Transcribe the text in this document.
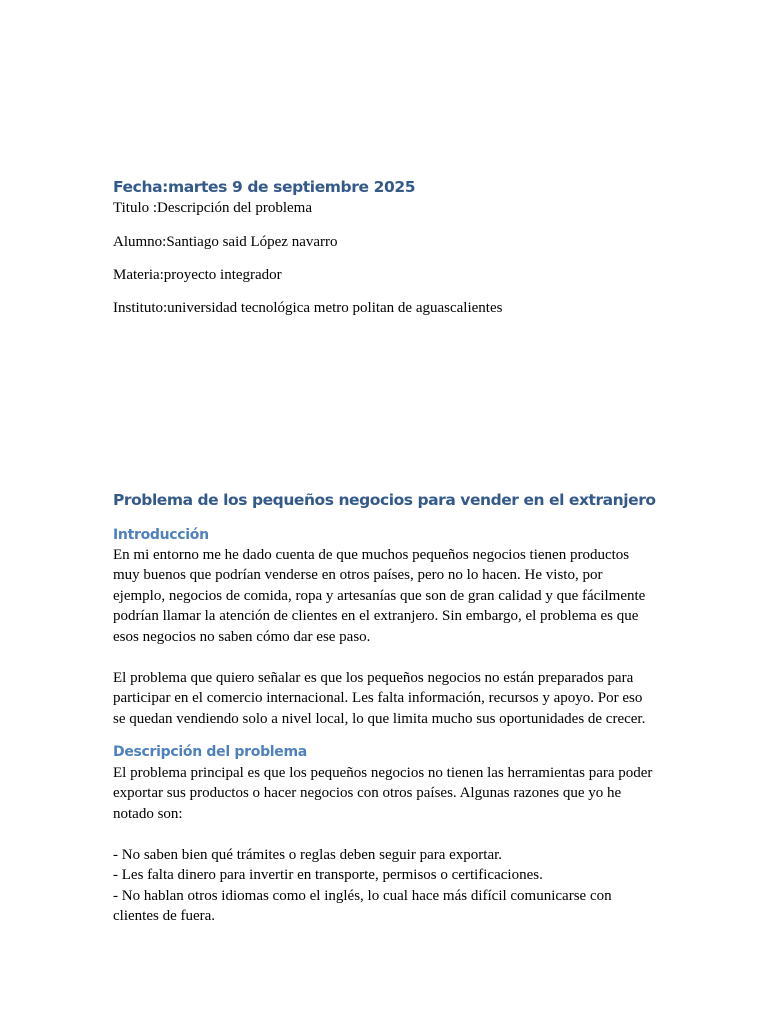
Fecha:martes 9 de septiembre 2025
Titulo :Descripción del problema
Alumno:Santiago said López navarro
Materia:proyecto integrador
Instituto:universidad tecnológica metro politan de aguascalientes
Problema de los pequeños negocios para vender en el extranjero
Introducción

En mi entorno me he dado cuenta de que muchos pequeños negocios tienen productos
muy buenos que podrían venderse en otros países, pero no lo hacen. He visto, por
ejemplo, negocios de comida, ropa y artesanías que son de gran calidad y que fácilmente
podrían llamar la atención de clientes en el extranjero. Sin embargo, el problema es que
esos negocios no saben cómo dar ese paso.

El problema que quiero señalar es que los pequeños negocios no están preparados para
participar en el comercio internacional. Les falta información, recursos y apoyo. Por eso
se quedan vendiendo solo a nivel local, lo que limita mucho sus oportunidades de crecer.

Descripción del problema

El problema principal es que los pequeños negocios no tienen las herramientas para poder
exportar sus productos o hacer negocios con otros países. Algunas razones que yo he
notado son:

- No saben bien qué trámites o reglas deben seguir para exportar.
- Les falta dinero para invertir en transporte, permisos o certificaciones.
- No hablan otros idiomas como el inglés, lo cual hace más difícil comunicarse con
clientes de fuera.
